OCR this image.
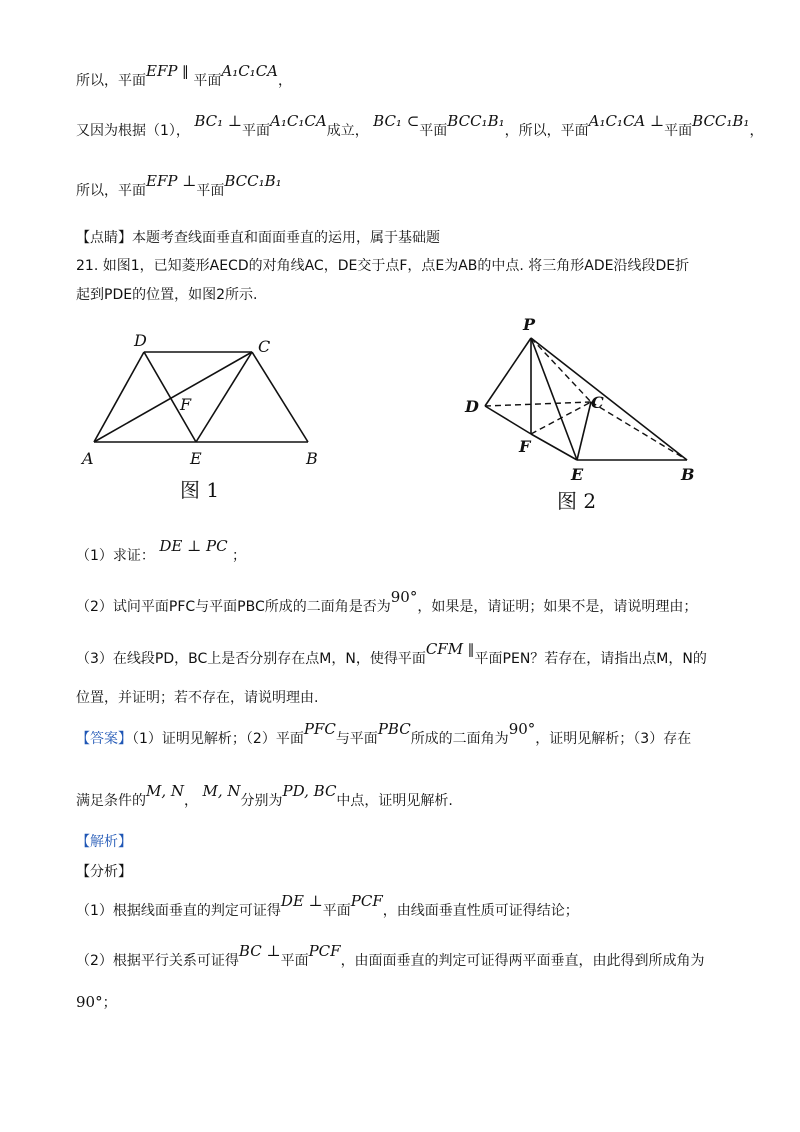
所以，平面EFP ∥ 平面A₁C₁CA，
又因为根据（1）， BC₁ ⊥平面A₁C₁CA成立， BC₁ ⊂平面BCC₁B₁，所以，平面A₁C₁CA ⊥平面BCC₁B₁，
所以，平面EFP ⊥平面BCC₁B₁
【点睛】本题考查线面垂直和面面垂直的运用，属于基础题
21. 如图1，已知菱形AECD的对角线AC，DE交于点F，点E为AB的中点. 将三角形ADE沿线段DE折
起到PDE的位置，如图2所示.
D	C
F
A	E	B
图 1
P
D	C
F
E	B
图 2
（1）求证： DE ⊥ PC ；
（2）试问平面PFC与平面PBC所成的二面角是否为90°，如果是，请证明；如果不是，请说明理由；
（3）在线段PD，BC上是否分别存在点M，N，使得平面CFM ∥平面PEN？若存在，请指出点M，N的
位置，并证明；若不存在，请说明理由.
【答案】（1）证明见解析；（2）平面PFC与平面PBC所成的二面角为90°，证明见解析；（3）存在
满足条件的M, N， M, N分别为PD, BC中点，证明见解析.
【解析】
【分析】
（1）根据线面垂直的判定可证得DE ⊥平面PCF，由线面垂直性质可证得结论；
（2）根据平行关系可证得BC ⊥平面PCF，由面面垂直的判定可证得两平面垂直，由此得到所成角为
90°；
